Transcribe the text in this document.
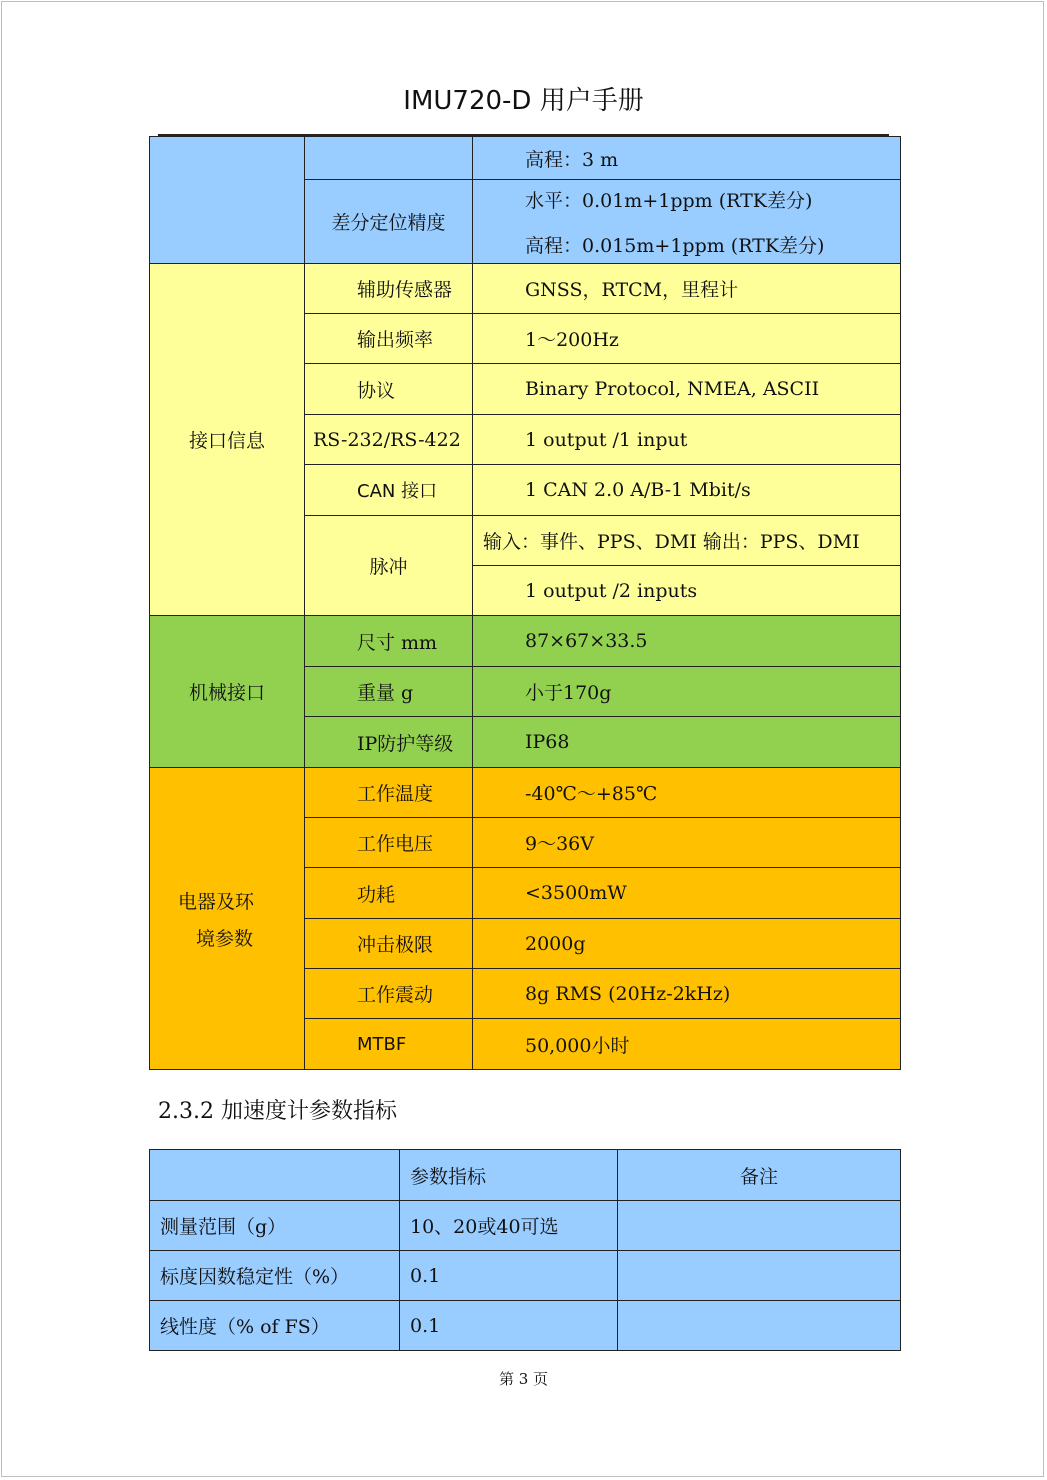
IMU720-D 用户手册
		高程：3 m
	差分定位精度	水平：0.01m+1ppm (RTK差分)
高程：0.015m+1ppm (RTK差分)

接口信息	辅助传感器	GNSS，RTCM，里程计
	输出频率	1～200Hz
	协议	Binary Protocol, NMEA, ASCII
	RS-232/RS-422	1 output /1 input
	CAN 接口	1 CAN 2.0 A/B-1 Mbit/s
	脉冲	输入：事件、PPS、DMI 输出：PPS、DMI
		1 output /2 inputs
机械接口	尺寸 mm	87×67×33.5
	重量 g	小于170g
	IP防护等级	IP68

电器及环
境参数	工作温度	-40℃～+85℃
	工作电压	9～36V
	功耗	<3500mW
	冲击极限	2000g
	工作震动	8g RMS (20Hz-2kHz)
	MTBF	50,000小时
2.3.2 加速度计参数指标
	参数指标	备注
测量范围（g）	10、20或40可选	
标度因数稳定性（%）	0.1	
线性度（% of FS）	0.1	
第 3 页
